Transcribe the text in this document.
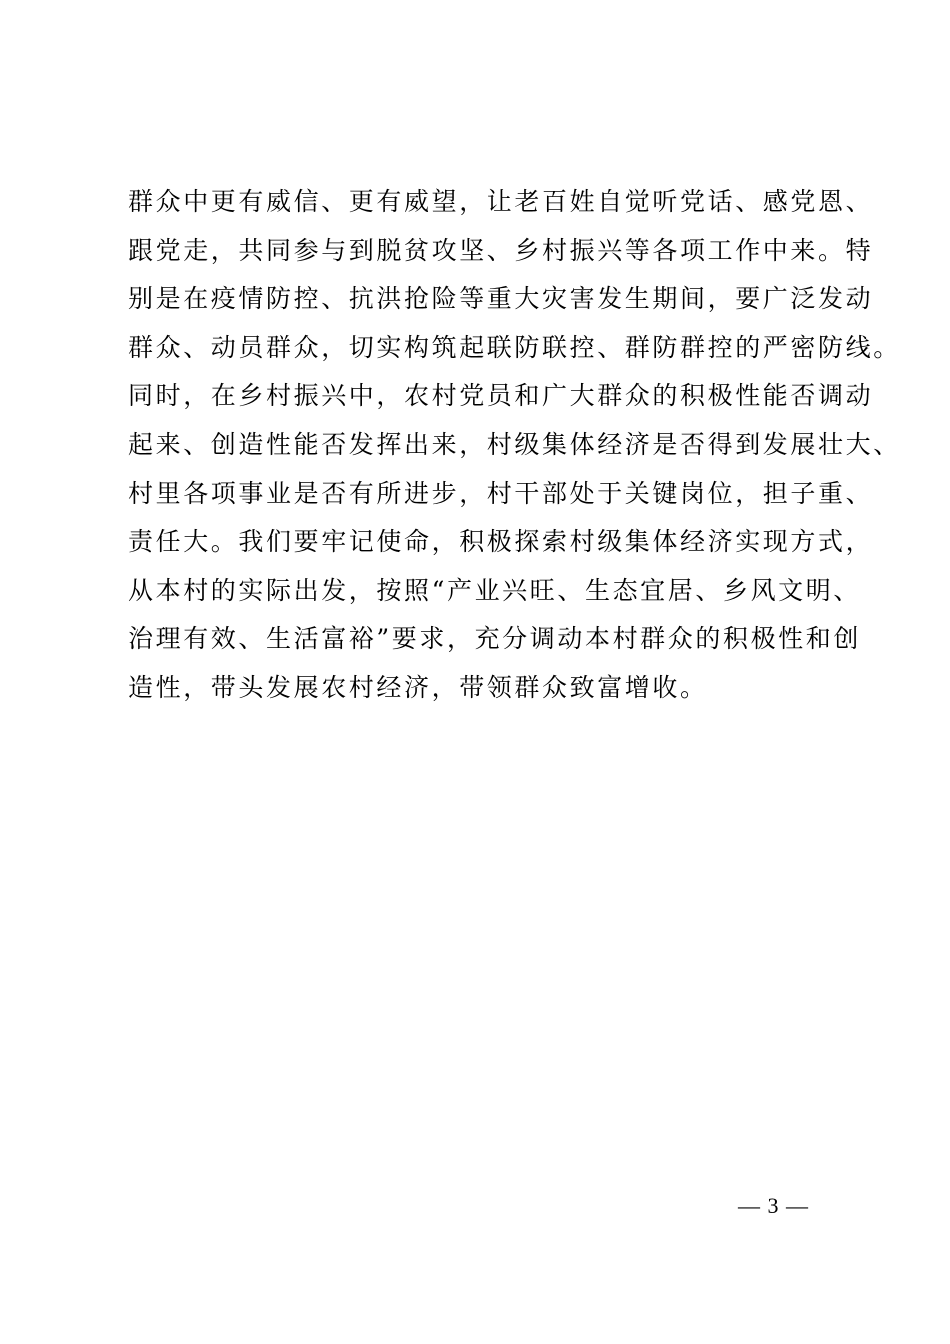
群众中更有威信、更有威望，让老百姓自觉听党话、感党恩、
跟党走，共同参与到脱贫攻坚、乡村振兴等各项工作中来。特
别是在疫情防控、抗洪抢险等重大灾害发生期间，要广泛发动
群众、动员群众，切实构筑起联防联控、群防群控的严密防线。
同时，在乡村振兴中，农村党员和广大群众的积极性能否调动
起来、创造性能否发挥出来，村级集体经济是否得到发展壮大、
村里各项事业是否有所进步，村干部处于关键岗位，担子重、
责任大。我们要牢记使命，积极探索村级集体经济实现方式，
从本村的实际出发，按照“产业兴旺、生态宜居、乡风文明、
治理有效、生活富裕”要求，充分调动本村群众的积极性和创
造性，带头发展农村经济，带领群众致富增收。
— 3 —
